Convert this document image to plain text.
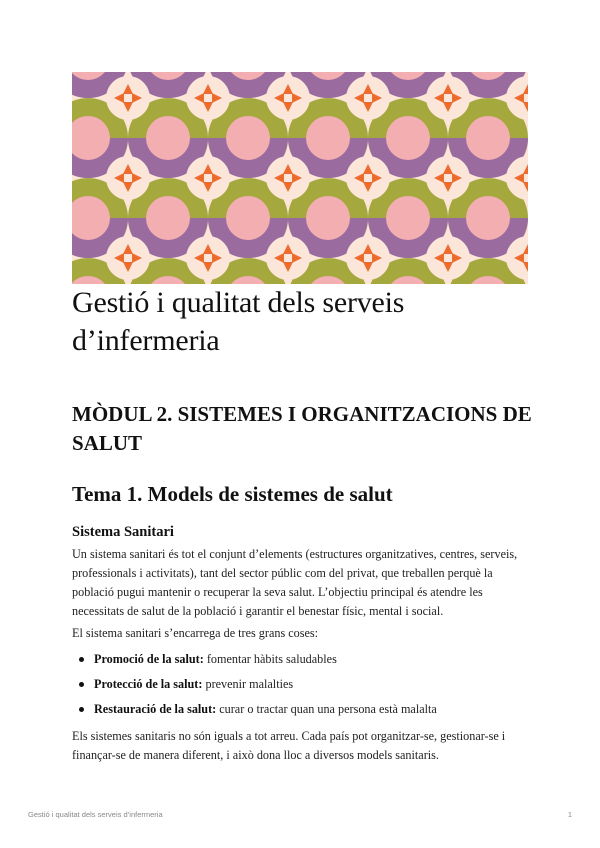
Gestió i qualitat dels serveis d’infermeria
MÒDUL 2. SISTEMES I ORGANITZACIONS DE SALUT
Tema 1. Models de sistemes de salut
Sistema Sanitari

Un sistema sanitari és tot el conjunt d’elements (estructures organitzatives, centres, serveis, professionals i activitats), tant del sector públic com del privat, que treballen perquè la població pugui mantenir o recuperar la seva salut. L’objectiu principal és atendre les necessitats de salut de la població i garantir el benestar físic, mental i social.

El sistema sanitari s’encarrega de tres grans coses:

Promoció de la salut: fomentar hàbits saludables
Protecció de la salut: prevenir malalties
Restauració de la salut: curar o tractar quan una persona està malalta

Els sistemes sanitaris no són iguals a tot arreu. Cada país pot organitzar-se, gestionar-se i finançar-se de manera diferent, i això dona lloc a diversos models sanitaris.

Gestió i qualitat dels serveis d’infermeria	1
